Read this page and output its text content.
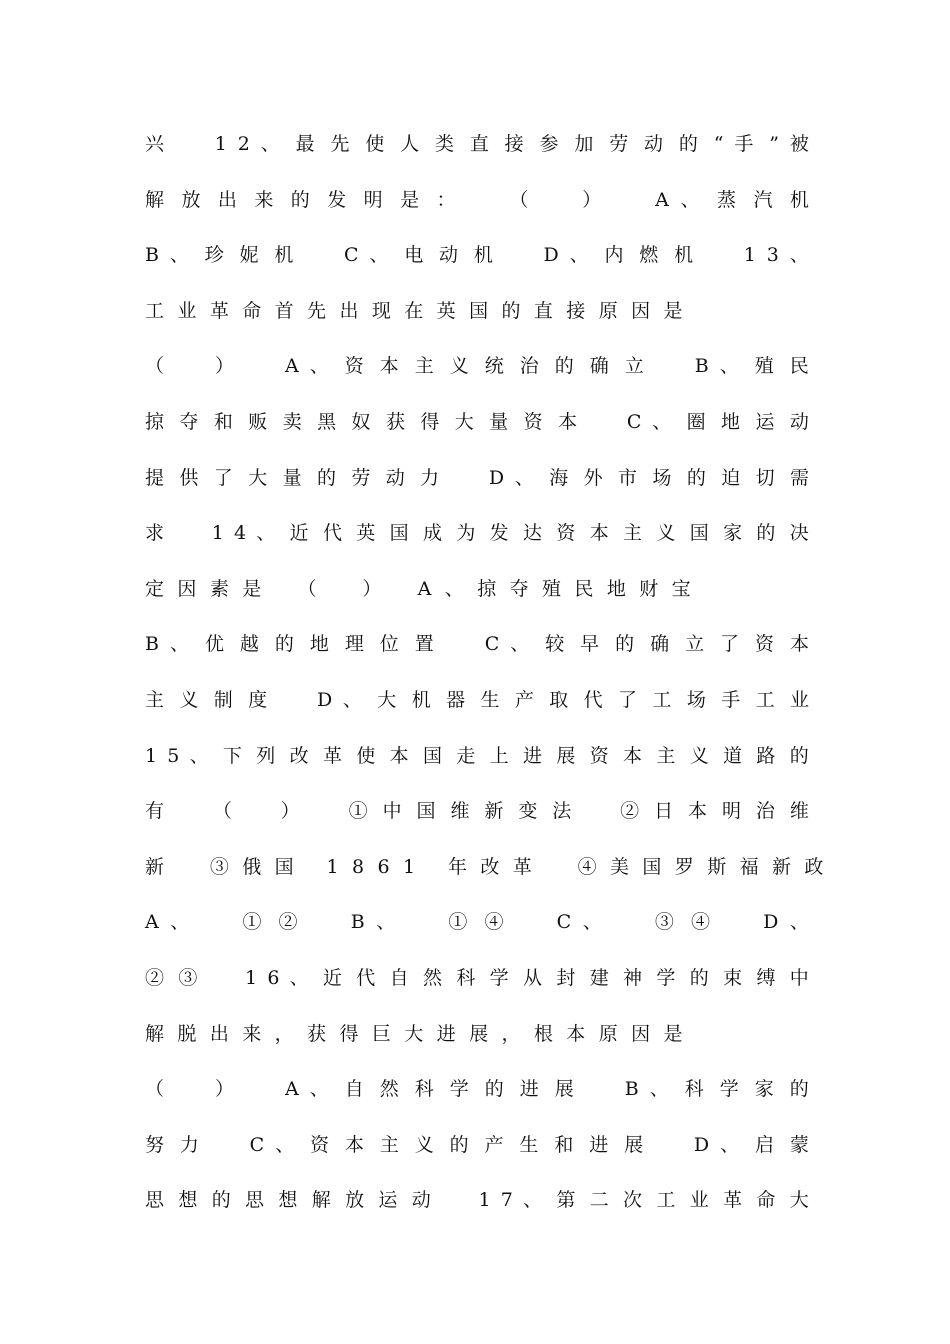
兴 　 1 2 、 最 先 使 人 类 直 接 参 加 劳 动 的 “ 手 ” 被
解 放 出 来 的 发 明 是 ： 　	（ 　	） 　	A 、 蒸 汽 机
B 、 珍 妮 机 　 C 、 电 动 机 　 D 、 内 燃 机 　 1 3 、
工业革命首先出现在英国的直接原因是
（ 　 ） 　 A 、 资 本 主 义 统 治 的 确 立 　 B 、 殖 民
掠 夺 和 贩 卖 黑 奴 获 得 大 量 资 本 　 C 、 圈 地 运 动
提 供 了 大 量 的 劳 动 力 　 D 、 海 外 市 场 的 迫 切 需
求 　 1 4 、 近 代 英 国 成 为 发 达 资 本 主 义 国 家 的 决
定因素是　 （　 ）　 A、掠夺殖民地财宝
B 、 优 越 的 地 理 位 置 　 C 、 较 早 的 确 立 了 资 本
主 义 制 度 　 D 、 大 机 器 生 产 取 代 了 工 场 手 工 业
1 5 、 下 列 改 革 使 本 国 走 上 进 展 资 本 主 义 道 路 的
有 　 （ 　 ） 　 ① 中 国 维 新 变 法 　 ② 日 本 明 治 维
新　 ③俄国 1861 年改革　 ④美国罗斯福新政
A 、 　	① ② 　	B 、 　	① ④ 　	C 、 　	③ ④ 　	D 、
② ③ 　 1 6 、 近 代 自 然 科 学 从 封 建 神 学 的 束 缚 中
解脱出来，获得巨大进展，根本原因是
（ 　 ） 　 A 、 自 然 科 学 的 进 展 　 B 、 科 学 家 的
努 力 　 C 、 资 本 主 义 的 产 生 和 进 展 　 D 、 启 蒙
思 想 的 思 想 解 放 运 动 　 1 7 、 第 二 次 工 业 革 命 大
